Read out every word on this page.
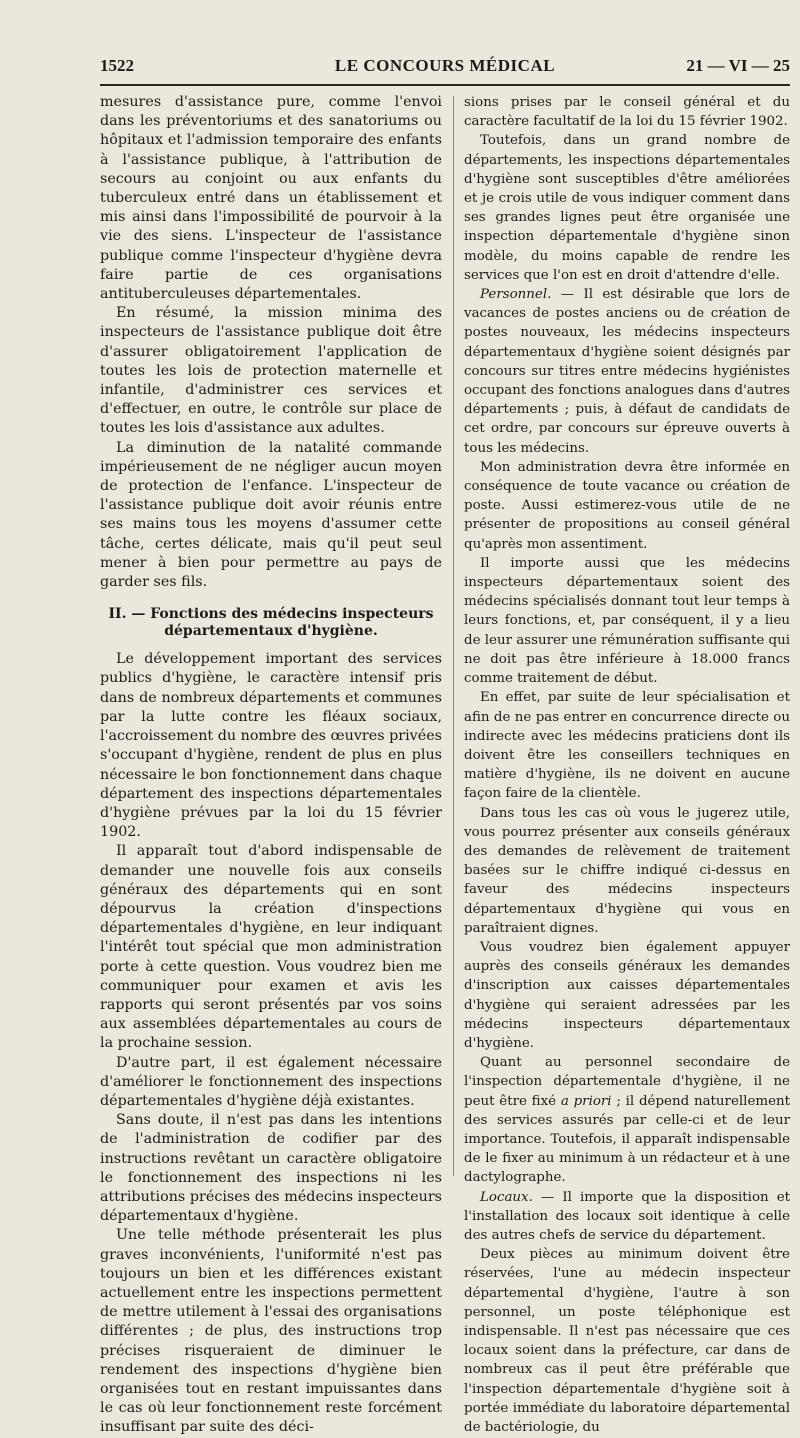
1522	LE CONCOURS MÉDICAL	21 — VI — 25

mesures d'assistance pure, comme l'envoi dans les préventoriums et des sanatoriums ou hôpitaux et l'admission temporaire des enfants à l'assistance publique, à l'attribution de secours au conjoint ou aux enfants du tuberculeux entré dans un établissement et mis ainsi dans l'impossibilité de pourvoir à la vie des siens. L'inspecteur de l'assistance publique comme l'inspecteur d'hygiène devra faire partie de ces organisations antituberculeuses départementales.

En résumé, la mission minima des inspecteurs de l'assistance publique doit être d'assurer obligatoirement l'application de toutes les lois de protection maternelle et infantile, d'administrer ces services et d'effectuer, en outre, le contrôle sur place de toutes les lois d'assistance aux adultes.

La diminution de la natalité commande impérieusement de ne négliger aucun moyen de protection de l'enfance. L'inspecteur de l'assistance publique doit avoir réunis entre ses mains tous les moyens d'assumer cette tâche, certes délicate, mais qu'il peut seul mener à bien pour permettre au pays de garder ses fils.

II. — Fonctions des médecins inspecteurs départementaux d'hygiène.

Le développement important des services publics d'hygiène, le caractère intensif pris dans de nombreux départements et communes par la lutte contre les fléaux sociaux, l'accroissement du nombre des œuvres privées s'occupant d'hygiène, rendent de plus en plus nécessaire le bon fonctionnement dans chaque département des inspections départementales d'hygiène prévues par la loi du 15 février 1902.

Il apparaît tout d'abord indispensable de demander une nouvelle fois aux conseils généraux des départements qui en sont dépourvus la création d'inspections départementales d'hygiène, en leur indiquant l'intérêt tout spécial que mon administration porte à cette question. Vous voudrez bien me communiquer pour examen et avis les rapports qui seront présentés par vos soins aux assemblées départementales au cours de la prochaine session.

D'autre part, il est également nécessaire d'améliorer le fonctionnement des inspections départementales d'hygiène déjà existantes.

Sans doute, il n'est pas dans les intentions de l'administration de codifier par des instructions revêtant un caractère obligatoire le fonctionnement des inspections ni les attributions précises des médecins inspecteurs départementaux d'hygiène.

Une telle méthode présenterait les plus graves inconvénients, l'uniformité n'est pas toujours un bien et les différences existant actuellement entre les inspections permettent de mettre utilement à l'essai des organisations différentes ; de plus, des instructions trop précises risqueraient de diminuer le rendement des inspections d'hygiène bien organisées tout en restant impuissantes dans le cas où leur fonctionnement reste forcément insuffisant par suite des déci-

sions prises par le conseil général et du caractère facultatif de la loi du 15 février 1902.

Toutefois, dans un grand nombre de départements, les inspections départementales d'hygiène sont susceptibles d'être améliorées et je crois utile de vous indiquer comment dans ses grandes lignes peut être organisée une inspection départementale d'hygiène sinon modèle, du moins capable de rendre les services que l'on est en droit d'attendre d'elle.

Personnel. — Il est désirable que lors de vacances de postes anciens ou de création de postes nouveaux, les médecins inspecteurs départementaux d'hygiène soient désignés par concours sur titres entre médecins hygiénistes occupant des fonctions analogues dans d'autres départements ; puis, à défaut de candidats de cet ordre, par concours sur épreuve ouverts à tous les médecins.

Mon administration devra être informée en conséquence de toute vacance ou création de poste. Aussi estimerez-vous utile de ne présenter de propositions au conseil général qu'après mon assentiment.

Il importe aussi que les médecins inspecteurs départementaux soient des médecins spécialisés donnant tout leur temps à leurs fonctions, et, par conséquent, il y a lieu de leur assurer une rémunération suffisante qui ne doit pas être inférieure à 18.000 francs comme traitement de début.

En effet, par suite de leur spécialisation et afin de ne pas entrer en concurrence directe ou indirecte avec les médecins praticiens dont ils doivent être les conseillers techniques en matière d'hygiène, ils ne doivent en aucune façon faire de la clientèle.

Dans tous les cas où vous le jugerez utile, vous pourrez présenter aux conseils généraux des demandes de relèvement de traitement basées sur le chiffre indiqué ci-dessus en faveur des médecins inspecteurs départementaux d'hygiène qui vous en paraîtraient dignes.

Vous voudrez bien également appuyer auprès des conseils généraux les demandes d'inscription aux caisses départementales d'hygiène qui seraient adressées par les médecins inspecteurs départementaux d'hygiène.

Quant au personnel secondaire de l'inspection départementale d'hygiène, il ne peut être fixé a priori ; il dépend naturellement des services assurés par celle-ci et de leur importance. Toutefois, il apparaît indispensable de le fixer au minimum à un rédacteur et à une dactylographe.

Locaux. — Il importe que la disposition et l'installation des locaux soit identique à celle des autres chefs de service du département.

Deux pièces au minimum doivent être réservées, l'une au médecin inspecteur départemental d'hygiène, l'autre à son personnel, un poste téléphonique est indispensable. Il n'est pas nécessaire que ces locaux soient dans la préfecture, car dans de nombreux cas il peut être préférable que l'inspection départementale d'hygiène soit à portée immédiate du laboratoire départemental de bactériologie, du
